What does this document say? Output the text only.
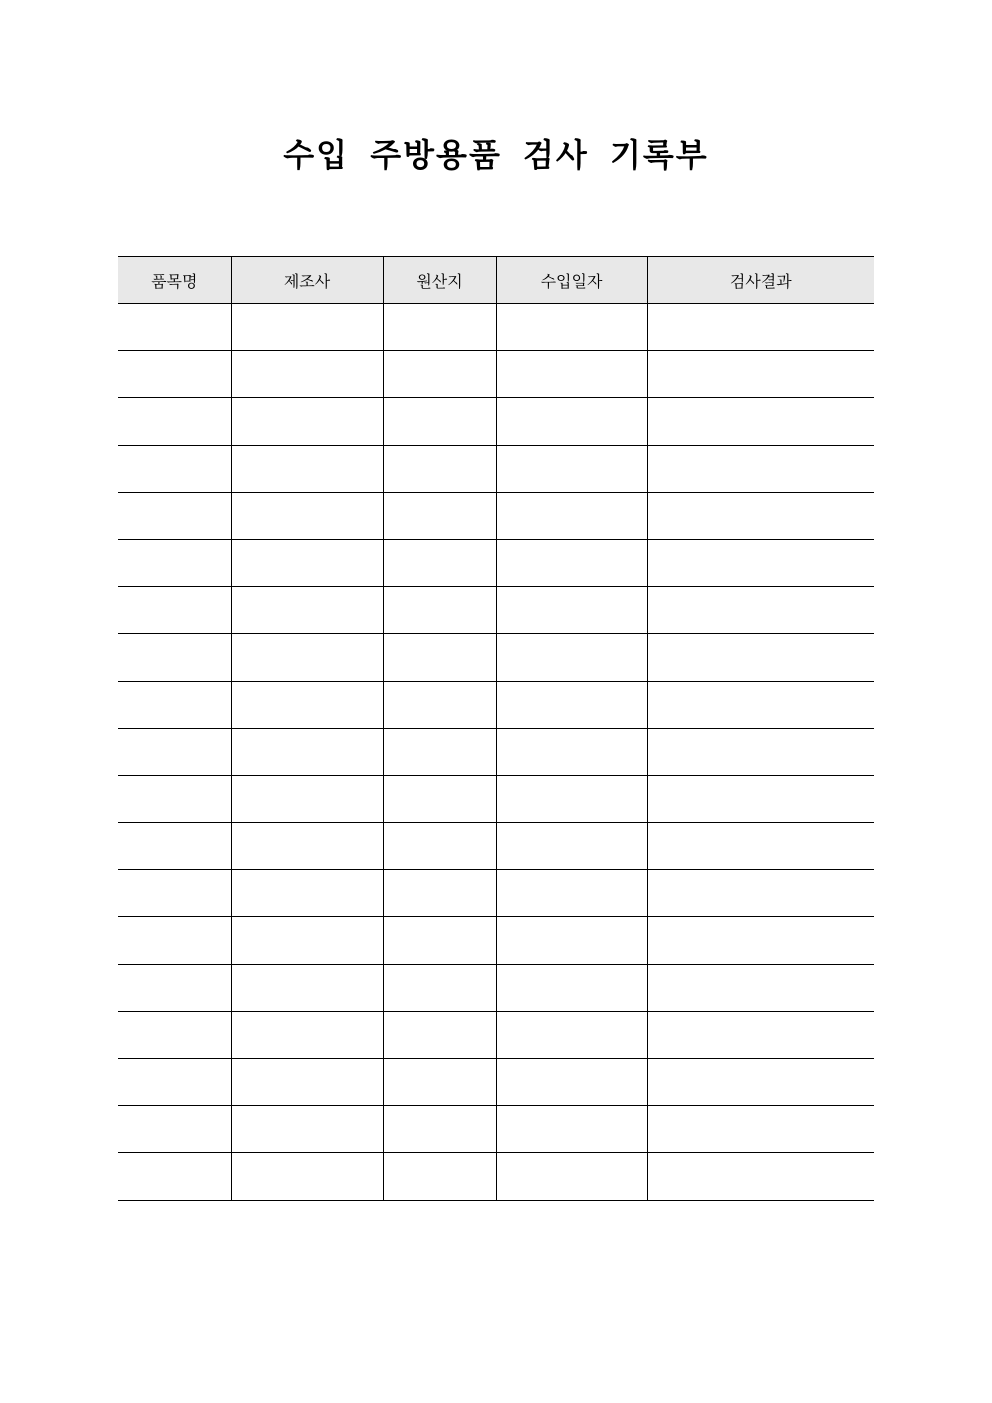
수입 주방용품 검사 기록부
품목명	제조사	원산지	수입일자	검사결과
